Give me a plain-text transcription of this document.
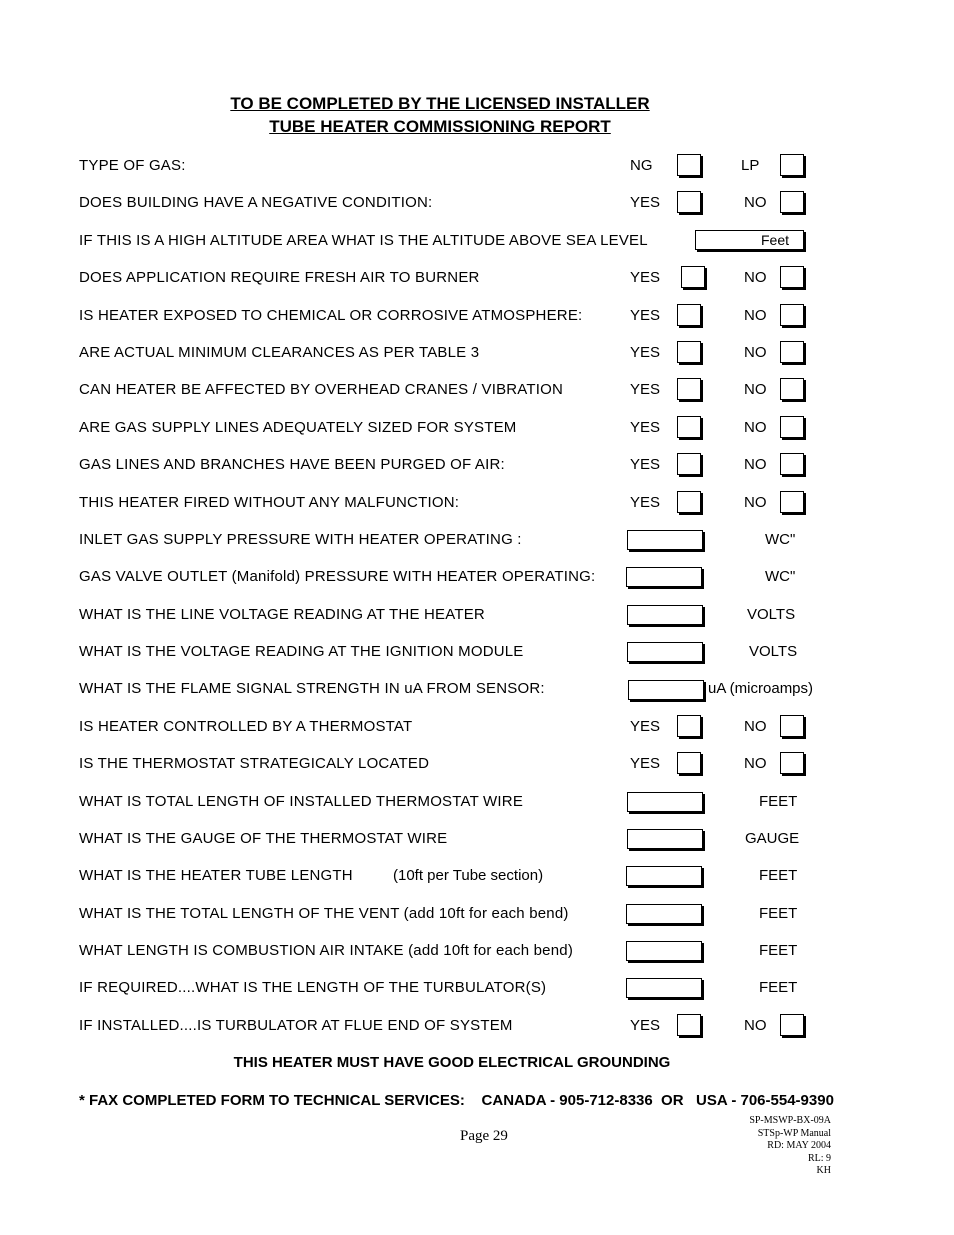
TO BE COMPLETED BY THE LICENSED INSTALLER
TUBE HEATER COMMISSIONING REPORT
TYPE OF GAS:	NG	LP
DOES BUILDING HAVE A NEGATIVE CONDITION:	YES	NO
IF THIS IS A HIGH ALTITUDE AREA WHAT IS THE ALTITUDE ABOVE SEA LEVEL	Feet
DOES APPLICATION REQUIRE FRESH AIR TO BURNER	YES	NO
IS HEATER EXPOSED TO CHEMICAL OR CORROSIVE ATMOSPHERE:	YES	NO
ARE ACTUAL MINIMUM CLEARANCES AS PER TABLE 3	YES	NO
CAN HEATER BE AFFECTED BY OVERHEAD CRANES / VIBRATION	YES	NO
ARE GAS SUPPLY LINES ADEQUATELY SIZED FOR SYSTEM	YES	NO
GAS LINES AND BRANCHES HAVE BEEN PURGED OF AIR:	YES	NO
THIS HEATER FIRED WITHOUT ANY MALFUNCTION:	YES	NO
INLET GAS SUPPLY PRESSURE WITH HEATER OPERATING :	WC"
GAS VALVE OUTLET (Manifold) PRESSURE WITH HEATER OPERATING:	WC"
WHAT IS THE LINE VOLTAGE READING AT THE HEATER	VOLTS
WHAT IS THE VOLTAGE READING AT THE IGNITION MODULE	VOLTS
WHAT IS THE FLAME SIGNAL STRENGTH IN uA FROM SENSOR:	uA (microamps)
IS HEATER CONTROLLED BY A THERMOSTAT	YES	NO
IS THE THERMOSTAT STRATEGICALY LOCATED	YES	NO
WHAT IS TOTAL LENGTH OF INSTALLED THERMOSTAT WIRE	FEET
WHAT IS THE GAUGE OF THE THERMOSTAT WIRE	GAUGE
WHAT IS THE HEATER TUBE LENGTH	(10ft per Tube section)	FEET
WHAT IS THE TOTAL LENGTH OF THE VENT (add 10ft for each bend)	FEET
WHAT LENGTH IS COMBUSTION AIR INTAKE (add 10ft for each bend)	FEET
IF REQUIRED....WHAT IS THE LENGTH OF THE TURBULATOR(S)	FEET
IF INSTALLED....IS TURBULATOR AT FLUE END OF SYSTEM	YES	NO
THIS HEATER MUST HAVE GOOD ELECTRICAL GROUNDING
* FAX COMPLETED FORM TO TECHNICAL SERVICES:    CANADA - 905-712-8336  OR   USA - 706-554-9390
Page 29
SP-MSWP-BX-09A
STSp-WP Manual
RD: MAY 2004
RL: 9
KH
